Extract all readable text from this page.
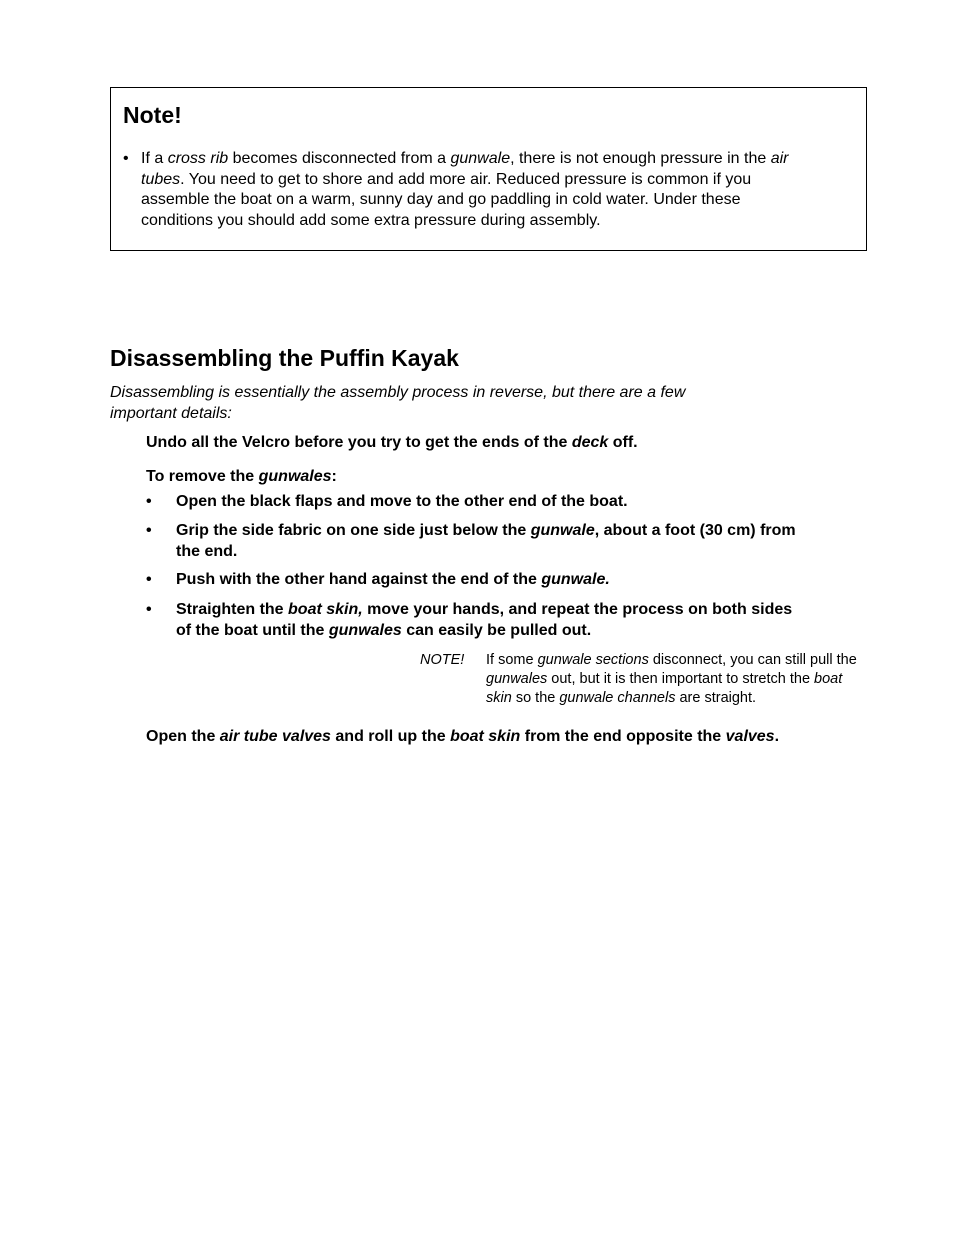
Note!
• If a cross rib becomes disconnected from a gunwale, there is not enough pressure in the air tubes. You need to get to shore and add more air. Reduced pressure is common if you assemble the boat on a warm, sunny day and go paddling in cold water. Under these conditions you should add some extra pressure during assembly.
Disassembling the Puffin Kayak

Disassembling is essentially the assembly process in reverse, but there are a few important details:

Undo all the Velcro before you try to get the ends of the deck off.

To remove the gunwales:

• Open the black flaps and move to the other end of the boat.
• Grip the side fabric on one side just below the gunwale, about a foot (30 cm) from the end.
• Push with the other hand against the end of the gunwale.
• Straighten the boat skin, move your hands, and repeat the process on both sides of the boat until the gunwales can easily be pulled out.
NOTE! If some gunwale sections disconnect, you can still pull the gunwales out, but it is then important to stretch the boat skin so the gunwale channels are straight.

Open the air tube valves and roll up the boat skin from the end opposite the valves.
